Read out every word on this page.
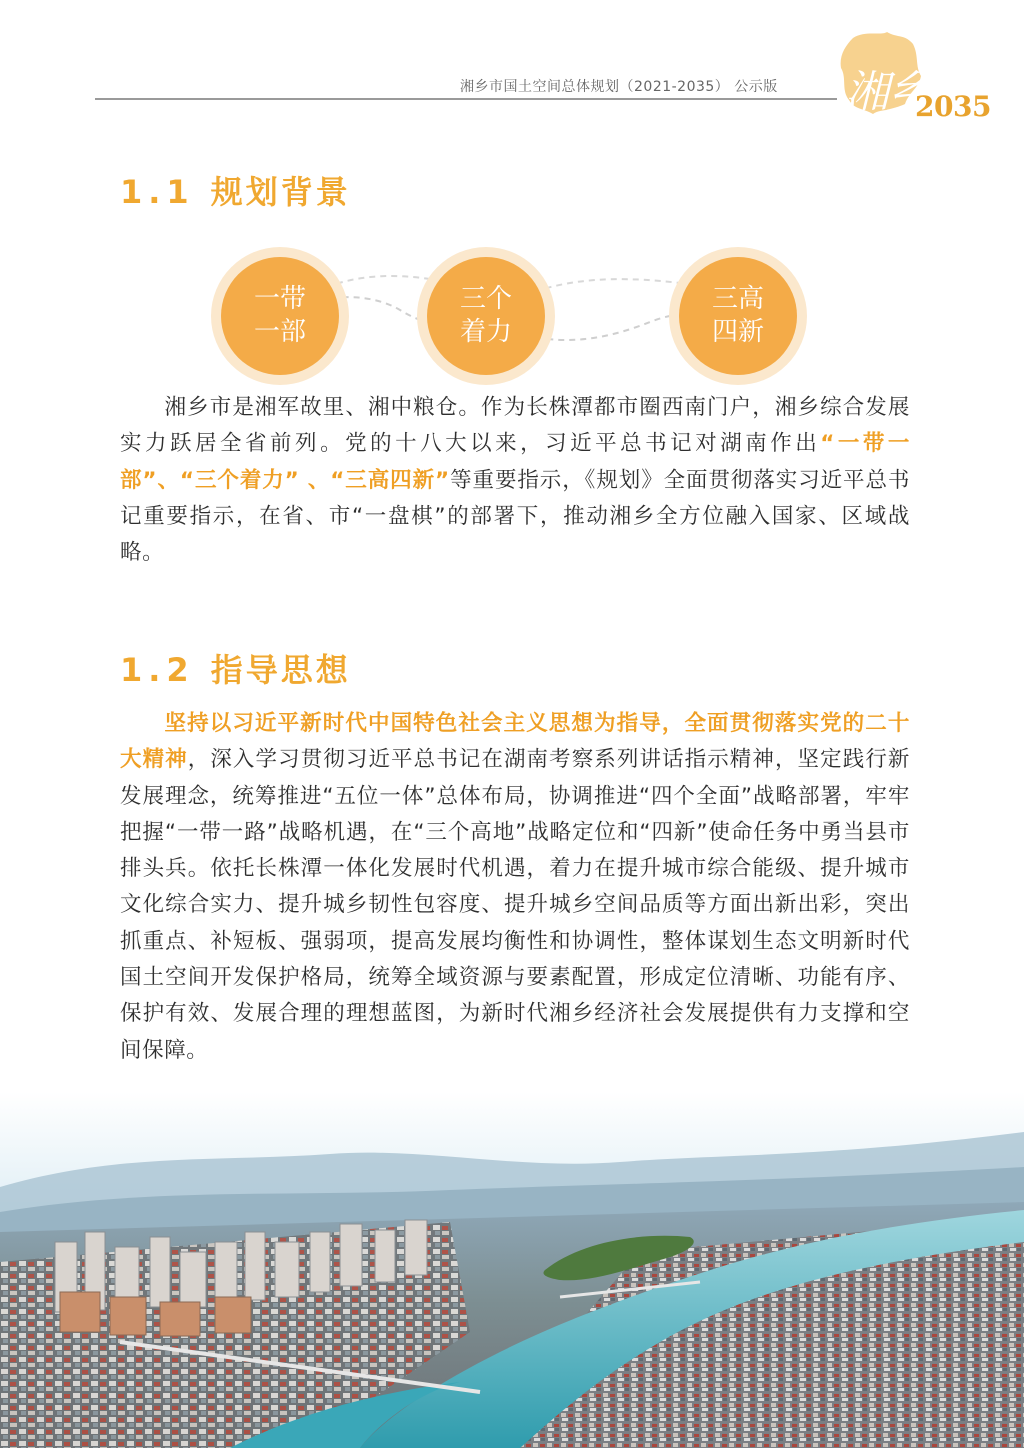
湘乡市国土空间总体规划（2021-2035） 公示版	湘乡
2035
1.1 规划背景
一带
一部
三个
着力
三高
四新

湘乡市是湘军故里、湘中粮仓。作为长株潭都市圈西南门户，湘乡综合发展实力跃居全省前列。党的十八大以来，习近平总书记对湖南作出“一带一部”、“三个着力” 、“三高四新”等重要指示，《规划》全面贯彻落实习近平总书记重要指示，在省、市“一盘棋”的部署下，推动湘乡全方位融入国家、区域战略。

1.2 指导思想

坚持以习近平新时代中国特色社会主义思想为指导，全面贯彻落实党的二十大精神，深入学习贯彻习近平总书记在湖南考察系列讲话指示精神，坚定践行新发展理念，统筹推进“五位一体”总体布局，协调推进“四个全面”战略部署，牢牢把握“一带一路”战略机遇，在“三个高地”战略定位和“四新”使命任务中勇当县市排头兵。依托长株潭一体化发展时代机遇，着力在提升城市综合能级、提升城市文化综合实力、提升城乡韧性包容度、提升城乡空间品质等方面出新出彩，突出抓重点、补短板、强弱项，提高发展均衡性和协调性，整体谋划生态文明新时代国土空间开发保护格局，统筹全域资源与要素配置，形成定位清晰、功能有序、保护有效、发展合理的理想蓝图，为新时代湘乡经济社会发展提供有力支撑和空间保障。
